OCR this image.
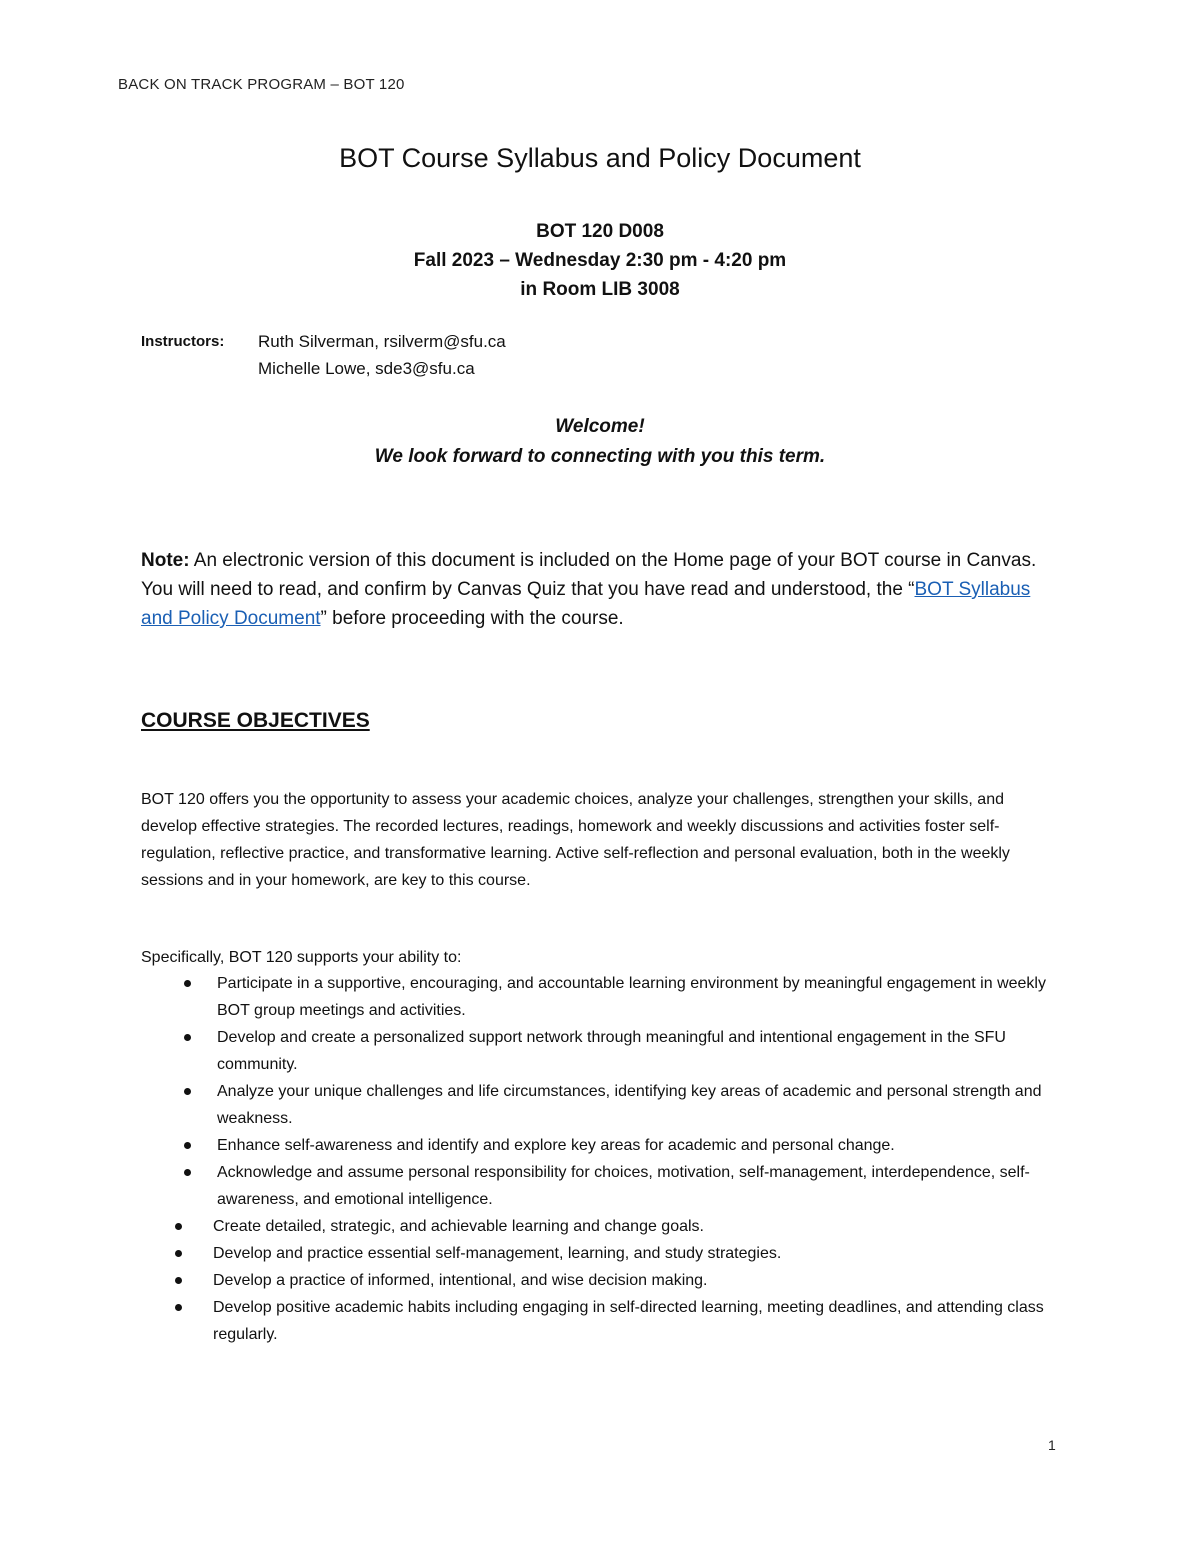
BACK ON TRACK PROGRAM – BOT 120
BOT Course Syllabus and Policy Document
BOT 120 D008
Fall 2023 – Wednesday 2:30 pm - 4:20 pm
in Room LIB 3008
Instructors: Ruth Silverman, rsilverm@sfu.ca
Michelle Lowe, sde3@sfu.ca
Welcome!
We look forward to connecting with you this term.
Note: An electronic version of this document is included on the Home page of your BOT course in Canvas. You will need to read, and confirm by Canvas Quiz that you have read and understood, the “BOT Syllabus and Policy Document” before proceeding with the course.
COURSE OBJECTIVES
BOT 120 offers you the opportunity to assess your academic choices, analyze your challenges, strengthen your skills, and develop effective strategies. The recorded lectures, readings, homework and weekly discussions and activities foster self-regulation, reflective practice, and transformative learning. Active self-reflection and personal evaluation, both in the weekly sessions and in your homework, are key to this course.
Specifically, BOT 120 supports your ability to:
Participate in a supportive, encouraging, and accountable learning environment by meaningful engagement in weekly BOT group meetings and activities.
Develop and create a personalized support network through meaningful and intentional engagement in the SFU community.
Analyze your unique challenges and life circumstances, identifying key areas of academic and personal strength and weakness.
Enhance self-awareness and identify and explore key areas for academic and personal change.
Acknowledge and assume personal responsibility for choices, motivation, self-management, interdependence, self-awareness, and emotional intelligence.
Create detailed, strategic, and achievable learning and change goals.
Develop and practice essential self-management, learning, and study strategies.
Develop a practice of informed, intentional, and wise decision making.
Develop positive academic habits including engaging in self-directed learning, meeting deadlines, and attending class regularly.
1
